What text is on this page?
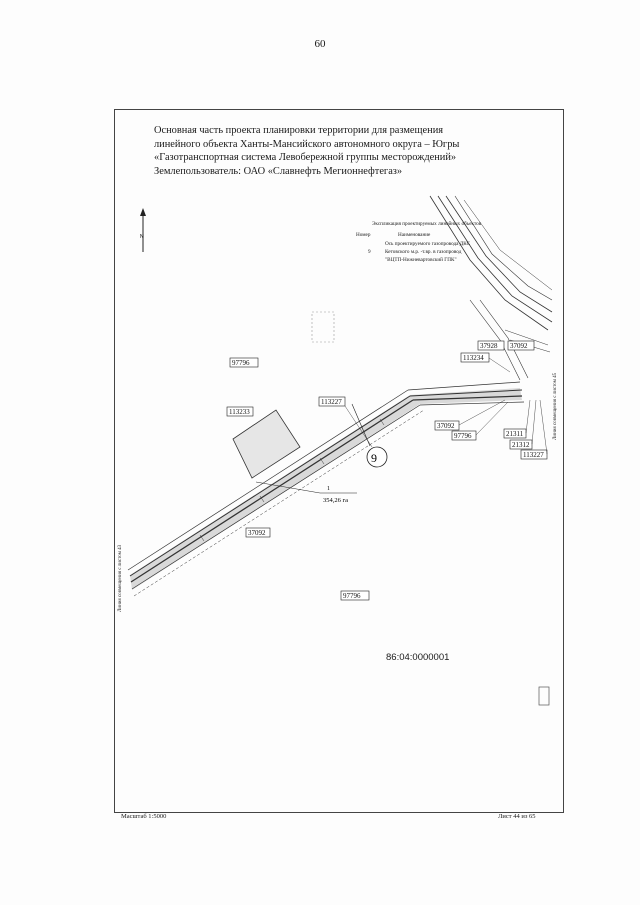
60
Основная часть проекта планировки территории для размещения
линейного объекта Ханты-Мансийского автономного округа – Югры
«Газотранспортная система Левобережной группы месторождений»
Землепользователь: ОАО «Славнефть Мегионнефтегаз»
N
97796
113233
113227
37092
97796
37928 37092
113234
37092
97796	21311
21312
113227
9
1
354,26 га
Экспликация проектируемых линейных объектов
Номер	Наименование
Ось проектируемого газопровода ДКС
9	Кетовского м.р. -т.вр. в газопровод
"ВЦТП-Нижневартовский ГПК"
Линия совмещения с листом 43
Линия совмещения с листом 45
86:04:0000001
Масштаб 1:5000	Лист 44 из 65
